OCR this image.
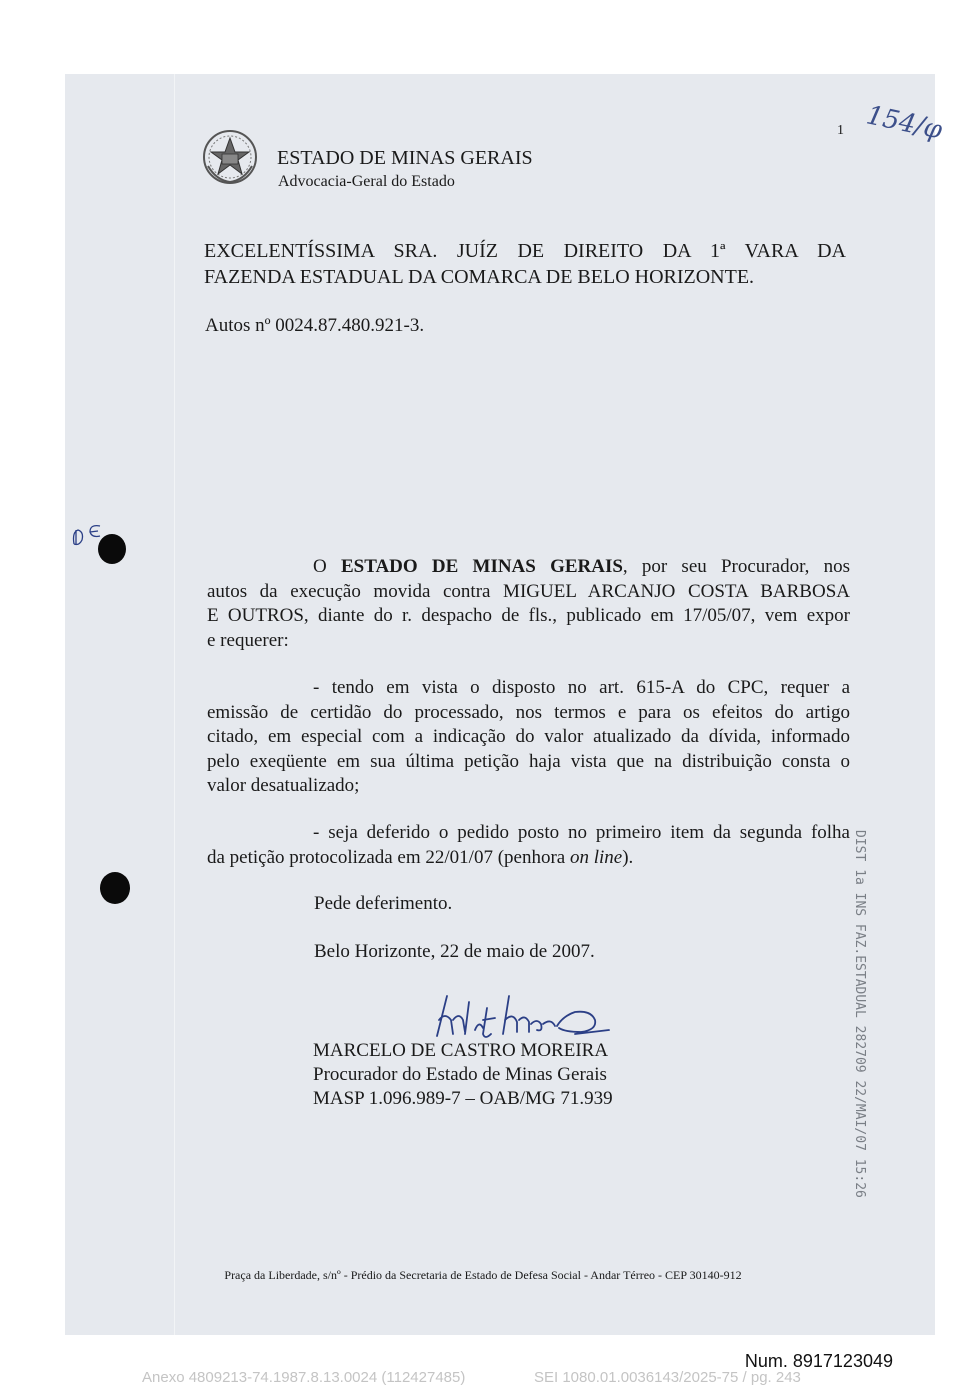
ESTADO DE MINAS GERAIS
Advocacia-Geral do Estado
1 154/φ
EXCELENTÍSSIMA SRA. JUÍZ DE DIREITO DA 1ª VARA DA
FAZENDA ESTADUAL DA COMARCA DE BELO HORIZONTE.
Autos nº 0024.87.480.921-3.
O ESTADO DE MINAS GERAIS, por seu Procurador, nos
autos da execução movida contra MIGUEL ARCANJO COSTA BARBOSA
E OUTROS, diante do r. despacho de fls., publicado em 17/05/07, vem expor
e requerer:
- tendo em vista o disposto no art. 615-A do CPC, requer a
emissão de certidão do processado, nos termos e para os efeitos do artigo
citado, em especial com a indicação do valor atualizado da dívida, informado
pelo exeqüente em sua última petição haja vista que na distribuição consta o
valor desatualizado;
- seja deferido o pedido posto no primeiro item da segunda folha
da petição protocolizada em 22/01/07 (penhora on line).
Pede deferimento.
Belo Horizonte, 22 de maio de 2007.
MARCELO DE CASTRO MOREIRA
Procurador do Estado de Minas Gerais
MASP 1.096.989-7 – OAB/MG 71.939	DIST 1a INS FAZ.ESTADUAL 282709 22/MAI/07 15:26
Praça da Liberdade, s/nº - Prédio da Secretaria de Estado de Defesa Social - Andar Térreo - CEP 30140-912
Num. 8917123049
Anexo 4809213-74.1987.8.13.0024 (112427485)	SEI 1080.01.0036143/2025-75 / pg. 243
